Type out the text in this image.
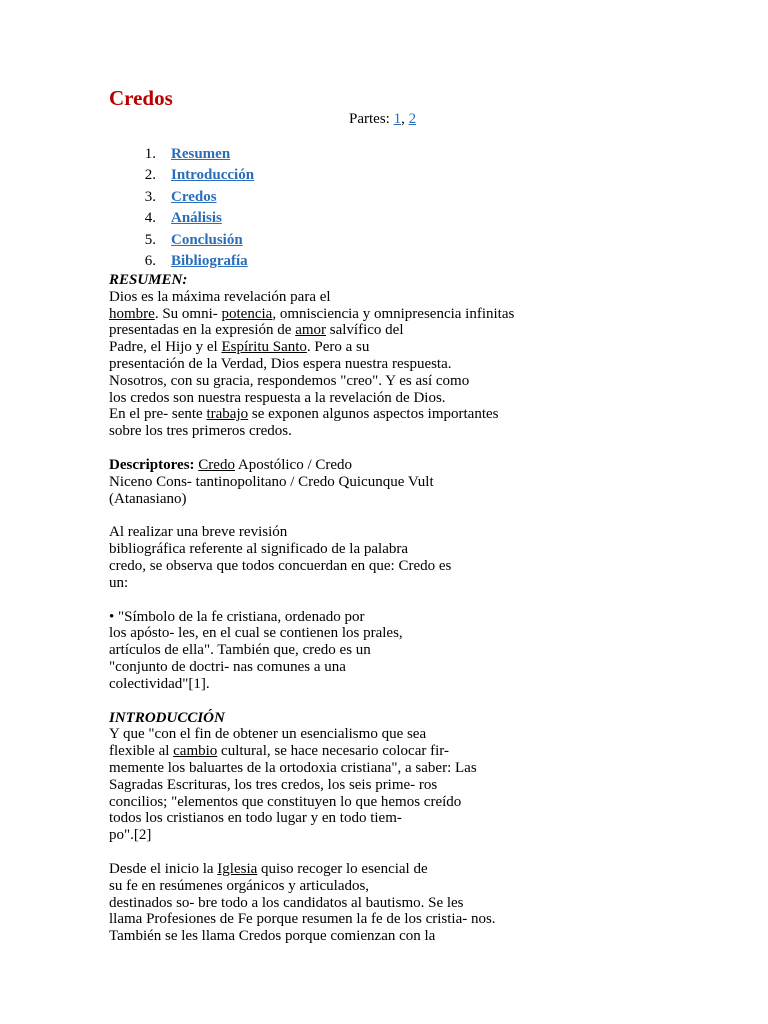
Credos
Partes: 1, 2
1. Resumen
2. Introducción
3. Credos
4. Análisis
5. Conclusión
6. Bibliografía

RESUMEN:
Dios es la máxima revelación para el
hombre. Su omni- potencia, omnisciencia y omnipresencia infinitas
presentadas en la expresión de amor salvífico del
Padre, el Hijo y el Espíritu Santo. Pero a su
presentación de la Verdad, Dios espera nuestra respuesta.
Nosotros, con su gracia, respondemos "creo". Y es así como
los credos son nuestra respuesta a la revelación de Dios.
En el pre- sente trabajo se exponen algunos aspectos importantes
sobre los tres primeros credos.

Descriptores: Credo Apostólico / Credo
Niceno Cons- tantinopolitano / Credo Quicunque Vult
(Atanasiano)

Al realizar una breve revisión
bibliográfica referente al significado de la palabra
credo, se observa que todos concuerdan en que: Credo es
un:

• "Símbolo de la fe cristiana, ordenado por
los apósto- les, en el cual se contienen los prales,
artículos de ella". También que, credo es un
"conjunto de doctri- nas comunes a una
colectividad"[1].

INTRODUCCIÓN
Y que "con el fin de obtener un esencialismo que sea
flexible al cambio cultural, se hace necesario colocar fir-
memente los baluartes de la ortodoxia cristiana", a saber: Las
Sagradas Escrituras, los tres credos, los seis prime- ros
concilios; "elementos que constituyen lo que hemos creído
todos los cristianos en todo lugar y en todo tiem-
po".[2]

Desde el inicio la Iglesia quiso recoger lo esencial de
su fe en resúmenes orgánicos y articulados,
destinados so- bre todo a los candidatos al bautismo. Se les
llama Profesiones de Fe porque resumen la fe de los cristia- nos.
También se les llama Credos porque comienzan con la
